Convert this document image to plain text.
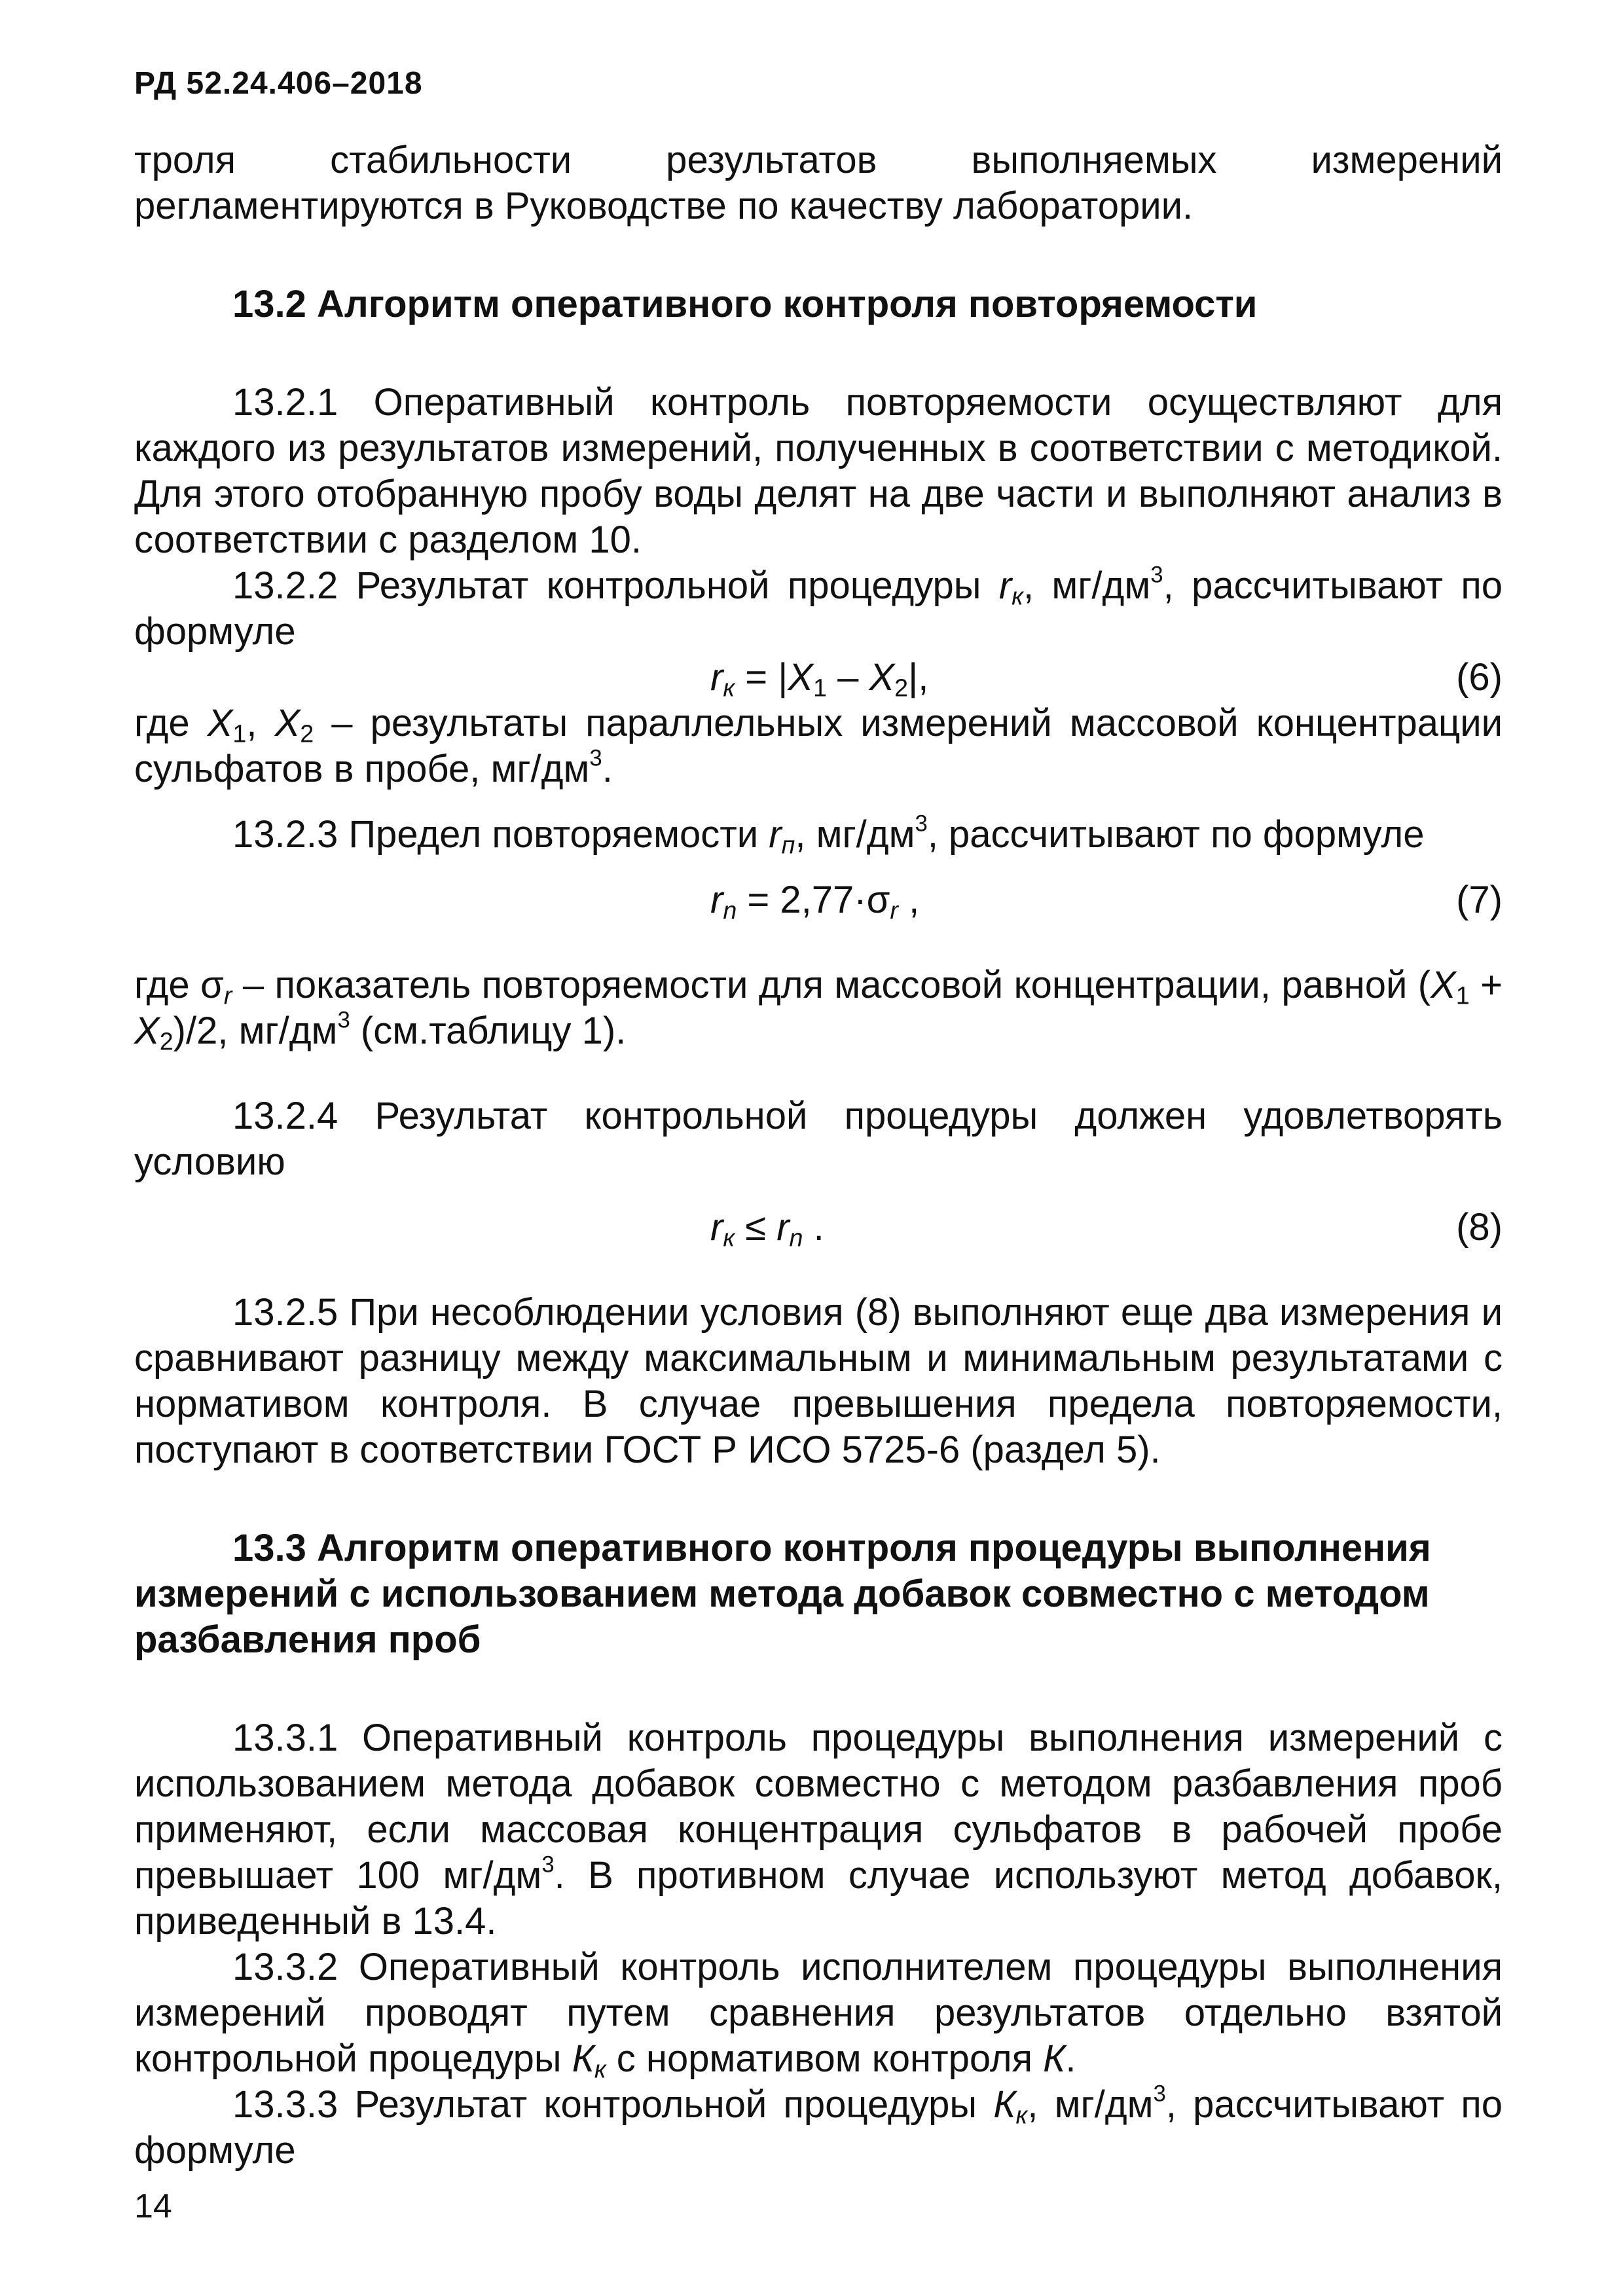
РД 52.24.406–2018

троля стабильности результатов выполняемых измерений регламентируются в Руководстве по качеству лаборатории.

13.2 Алгоритм оперативного контроля повторяемости

13.2.1 Оперативный контроль повторяемости осуществляют для каждого из результатов измерений, полученных в соответствии с методикой. Для этого отобранную пробу воды делят на две части и выполняют анализ в соответствии с разделом 10.

13.2.2 Результат контрольной процедуры $r_к$, $мг/дм^3$, рассчитывают по формуле

$r_к = |X_1 - X_2|$,	(6)

где $X_1$, $X_2$ – результаты параллельных измерений массовой концентрации сульфатов в пробе, $мг/дм^3$.

13.2.3 Предел повторяемости $r_п$, $мг/дм^3$, рассчитывают по формуле

$r_n = 2,77\cdot\sigma_r$ ,	(7)

где $\sigma_r$ – показатель повторяемости для массовой концентрации, равной $(X_1 + X_2)/2$, $мг/дм^3$ (см.таблицу 1).

13.2.4 Результат контрольной процедуры должен удовлетворять условию

$r_к \le r_n$ .	(8)

13.2.5 При несоблюдении условия (8) выполняют еще два измерения и сравнивают разницу между максимальным и минимальным результатами с нормативом контроля. В случае превышения предела повторяемости, поступают в соответствии ГОСТ Р ИСО 5725-6 (раздел 5).

13.3 Алгоритм оперативного контроля процедуры выполнения измерений с использованием метода добавок совместно с методом разбавления проб

13.3.1 Оперативный контроль процедуры выполнения измерений с использованием метода добавок совместно с методом разбавления проб применяют, если массовая концентрация сульфатов в рабочей пробе превышает 100 $мг/дм^3$. В противном случае используют метод добавок, приведенный в 13.4.

13.3.2 Оперативный контроль исполнителем процедуры выполнения измерений проводят путем сравнения результатов отдельно взятой контрольной процедуры $К_к$ с нормативом контроля К.

13.3.3 Результат контрольной процедуры $К_к$, $мг/дм^3$, рассчитывают по формуле

14
